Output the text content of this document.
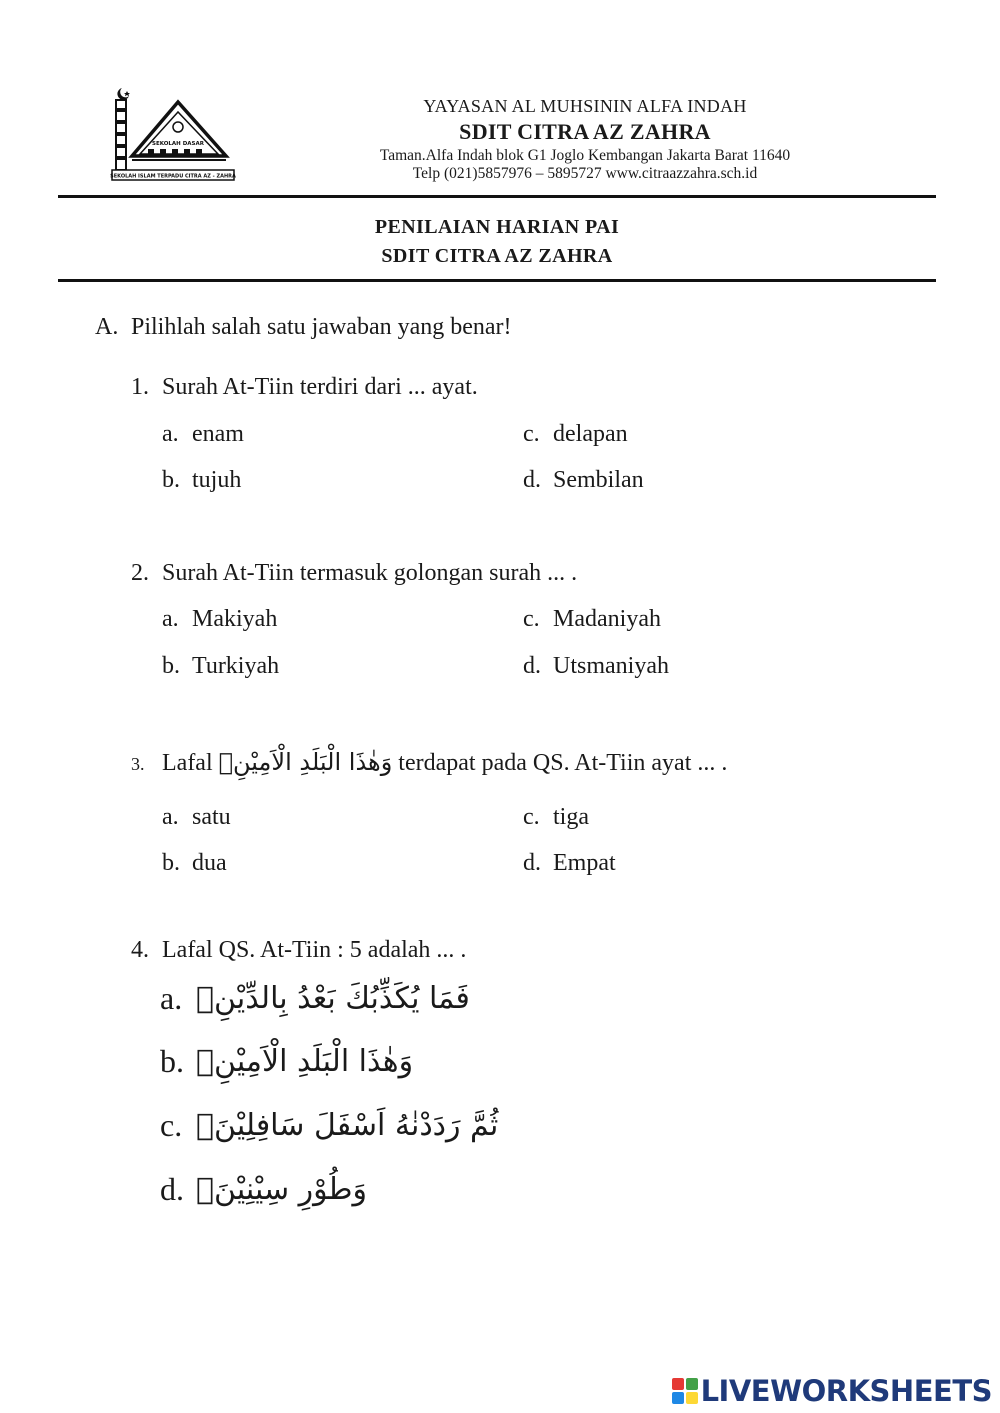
SEKOLAH DASAR
SEKOLAH ISLAM TERPADU CITRA AZ - ZAHRA
YAYASAN AL MUHSININ ALFA INDAH
SDIT CITRA AZ ZAHRA
Taman.Alfa Indah blok G1 Joglo Kembangan Jakarta Barat 11640
Telp (021)5857976 – 5895727 www.citraazzahra.sch.id
PENILAIAN HARIAN PAI
SDIT CITRA AZ ZAHRA
A. Pilihlah salah satu jawaban yang benar!
1. Surah At-Tiin terdiri dari ... ayat.
a. enam
b. tujuh
c. delapan
d. Sembilan
2. Surah At-Tiin termasuk golongan surah ... .
a. Makiyah
b. Turkiyah
c. Madaniyah
d. Utsmaniyah
3. Lafal وَهٰذَا الْبَلَدِ الْاَمِيْنِۙ terdapat pada QS. At-Tiin ayat ... .
a. satu
b. dua
c. tiga
d. Empat
4. Lafal QS. At-Tiin : 5 adalah ... .
a. فَمَا يُكَذِّبُكَ بَعْدُ بِالدِّيْنِۗ
b. وَهٰذَا الْبَلَدِ الْاَمِيْنِۙ
c. ثُمَّ رَدَدْنٰهُ اَسْفَلَ سَافِلِيْنَۙ
d. وَطُوْرِ سِيْنِيْنَۙ
LIVEWORKSHEETS
